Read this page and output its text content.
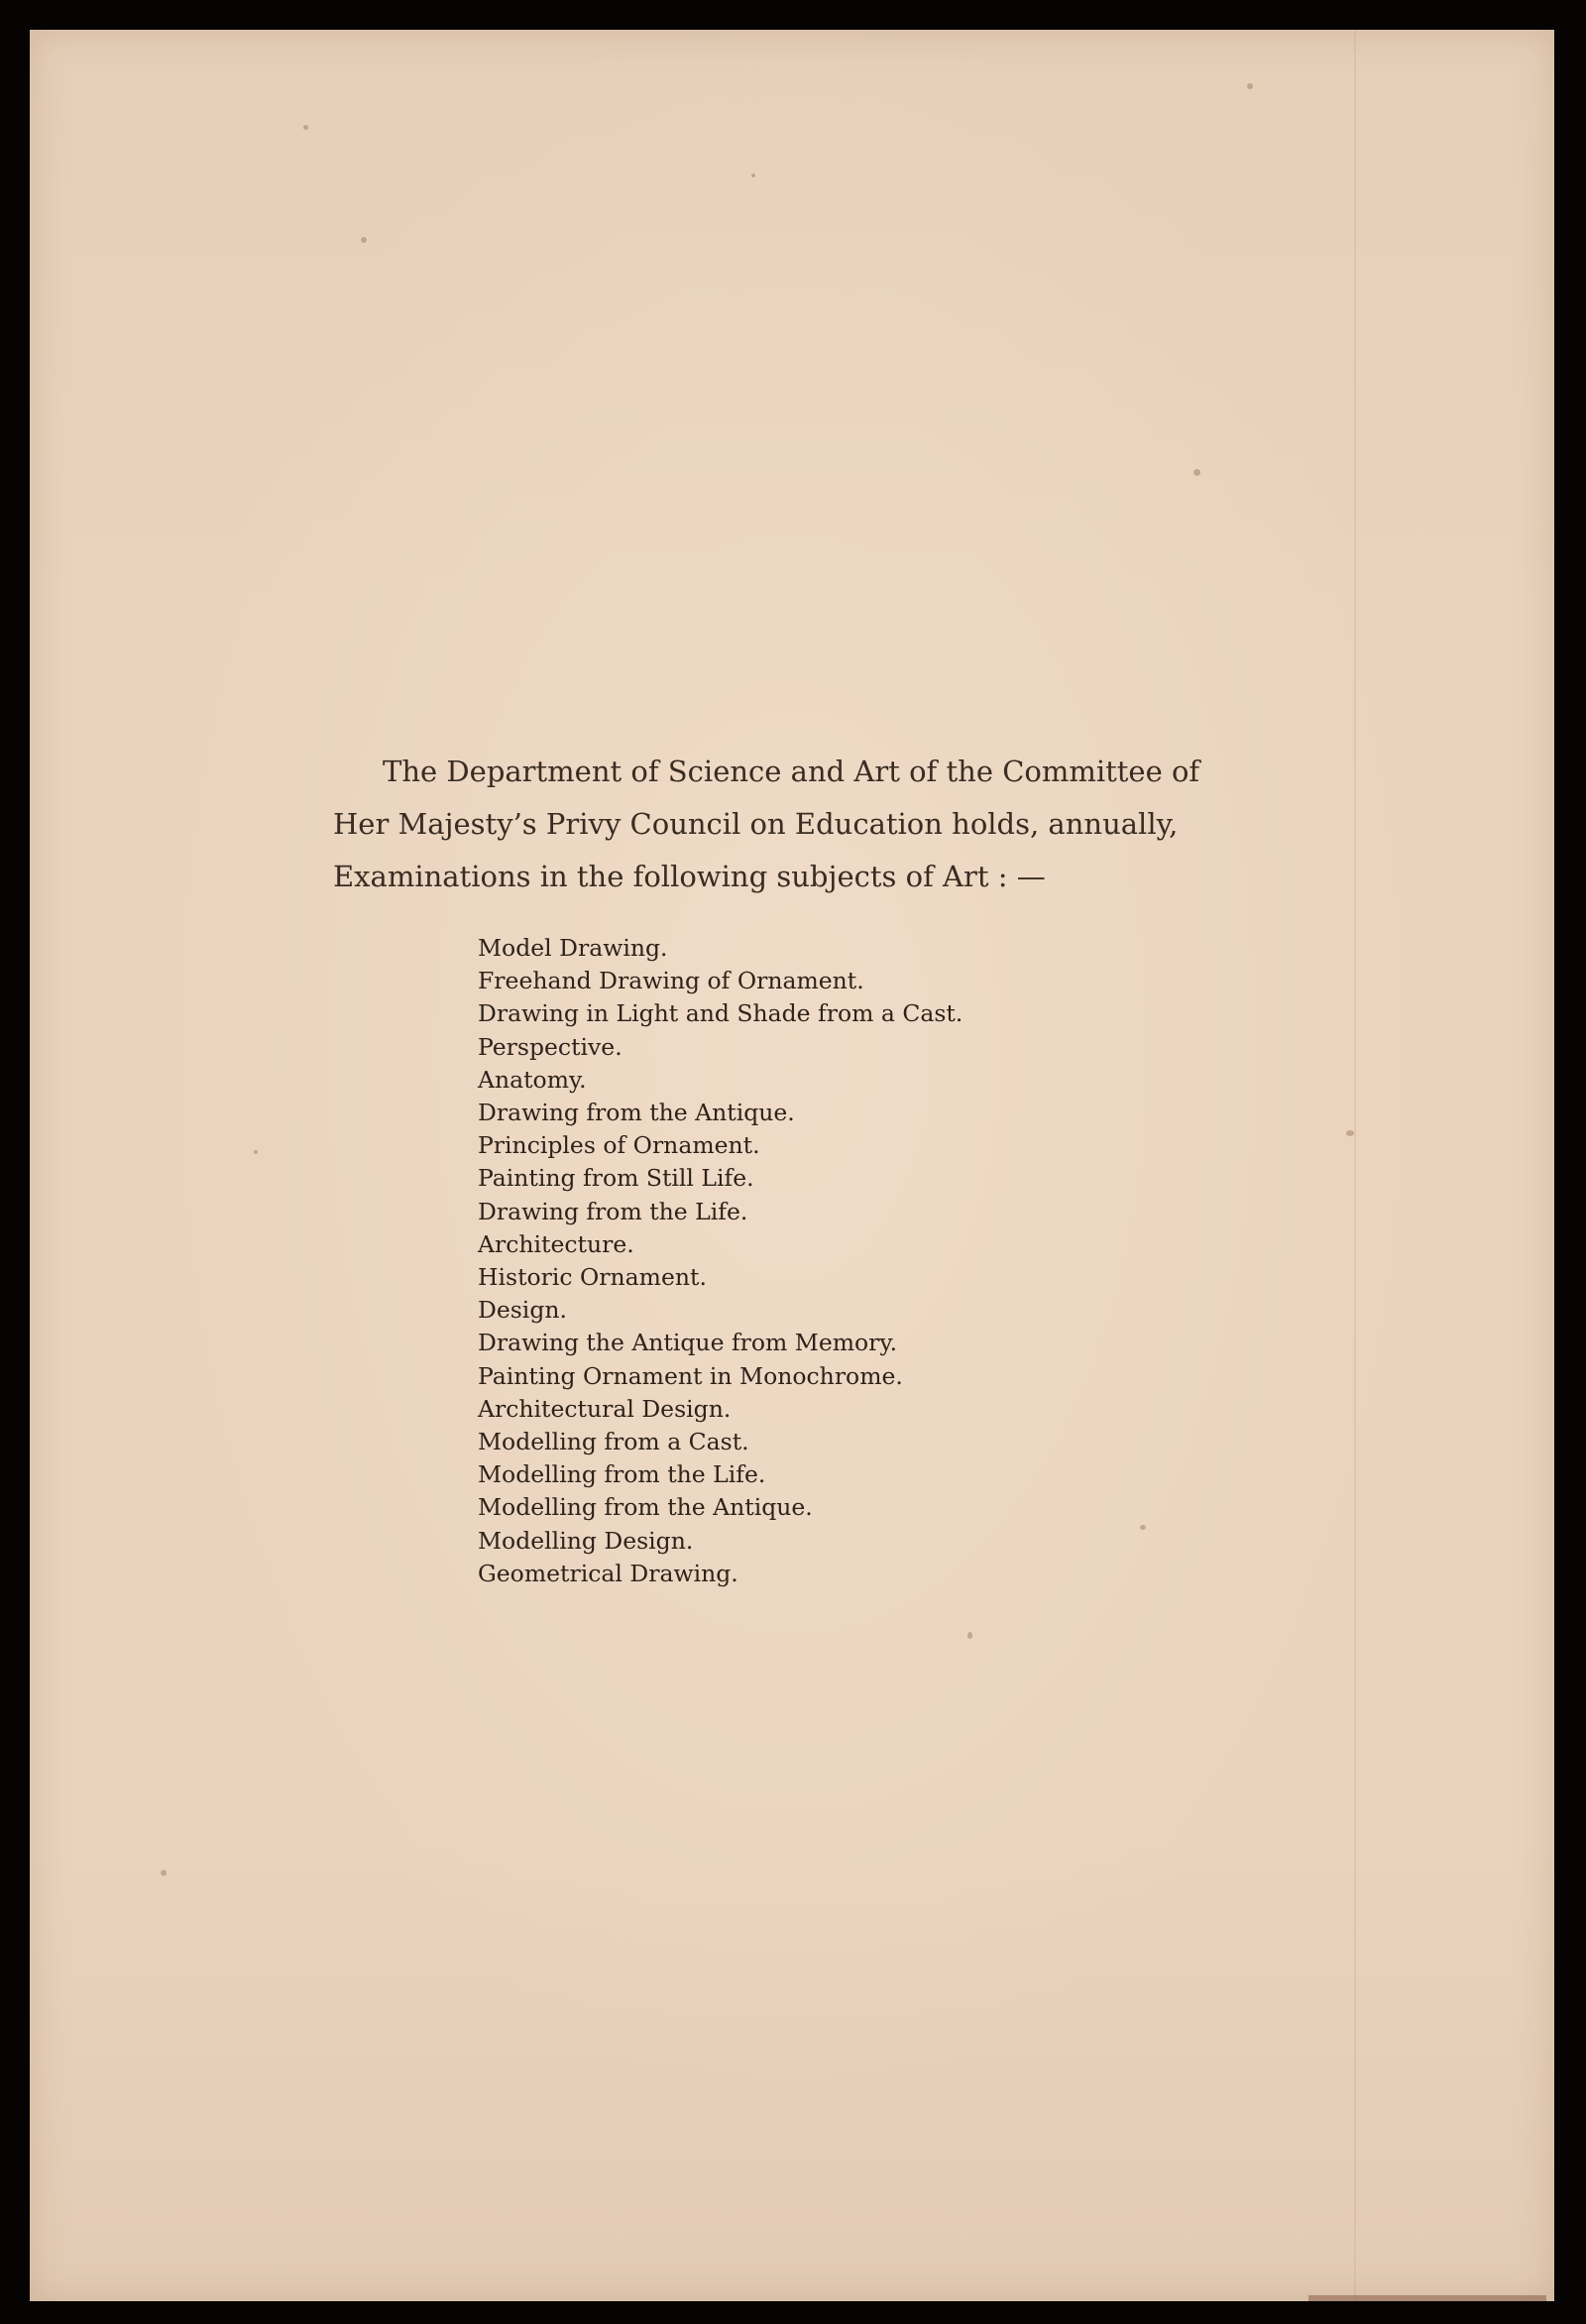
The Department of Science and Art of the Committee of
Her Majesty’s Privy Council on Education holds, annually,
Examinations in the following subjects of Art : —
Model Drawing.
Freehand Drawing of Ornament.
Drawing in Light and Shade from a Cast.
Perspective.
Anatomy.
Drawing from the Antique.
Principles of Ornament.
Painting from Still Life.
Drawing from the Life.
Architecture.
Historic Ornament.
Design.
Drawing the Antique from Memory.
Painting Ornament in Monochrome.
Architectural Design.
Modelling from a Cast.
Modelling from the Life.
Modelling from the Antique.
Modelling Design.
Geometrical Drawing.
